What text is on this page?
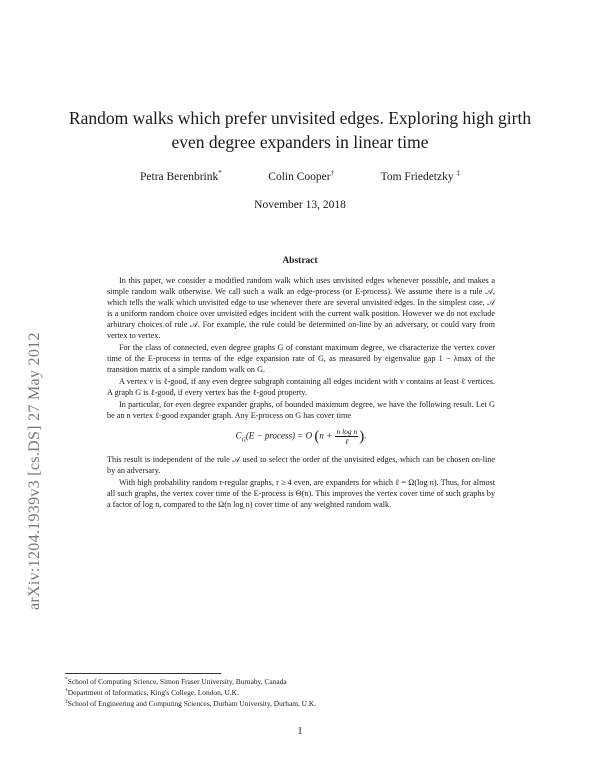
arXiv:1204.1939v3 [cs.DS] 27 May 2012
Random walks which prefer unvisited edges. Exploring high girth
even degree expanders in linear time
Petra Berenbrink*	Colin Cooper†	Tom Friedetzky ‡
November 13, 2018
Abstract

In this paper, we consider a modified random walk which uses unvisited edges whenever possible, and makes a simple random walk otherwise. We call such a walk an edge-process (or E-process). We assume there is a rule 𝒜, which tells the walk which unvisited edge to use whenever there are several unvisited edges. In the simplest case, 𝒜 is a uniform random choice over unvisited edges incident with the current walk position. However we do not exclude arbitrary choices of rule 𝒜. For example, the rule could be determined on-line by an adversary, or could vary from vertex to vertex.

For the class of connected, even degree graphs G of constant maximum degree, we characterize the vertex cover time of the E-process in terms of the edge expansion rate of G, as measured by eigenvalue gap 1 − λmax of the transition matrix of a simple random walk on G.

A vertex v is ℓ-good, if any even degree subgraph containing all edges incident with v contains at least ℓ vertices. A graph G is ℓ-good, if every vertex has the ℓ-good property.

In particular, for even degree expander graphs, of bounded maximum degree, we have the following result. Let G be an n vertex ℓ-good expander graph. Any E-process on G has cover time

$C_G(E$ − process) = O ($n + \frac{\text{n log n}}{\text{ℓ}}$ ).

This result is independent of the rule 𝒜 used to select the order of the unvisited edges, which can be chosen on-line by an adversary.

With high probability random r-regular graphs, r ≥ 4 even, are expanders for which ℓ = Ω(log n). Thus, for almost all such graphs, the vertex cover time of the E-process is Θ(n). This improves the vertex cover time of such graphs by a factor of log n, compared to the Ω(n log n) cover time of any weighted random walk.

*School of Computing Science, Simon Fraser University, Burnaby, Canada
†Department of Informatics, King's College, London, U.K.
‡School of Engineering and Computing Sciences, Durham University, Durham, U.K.
1
